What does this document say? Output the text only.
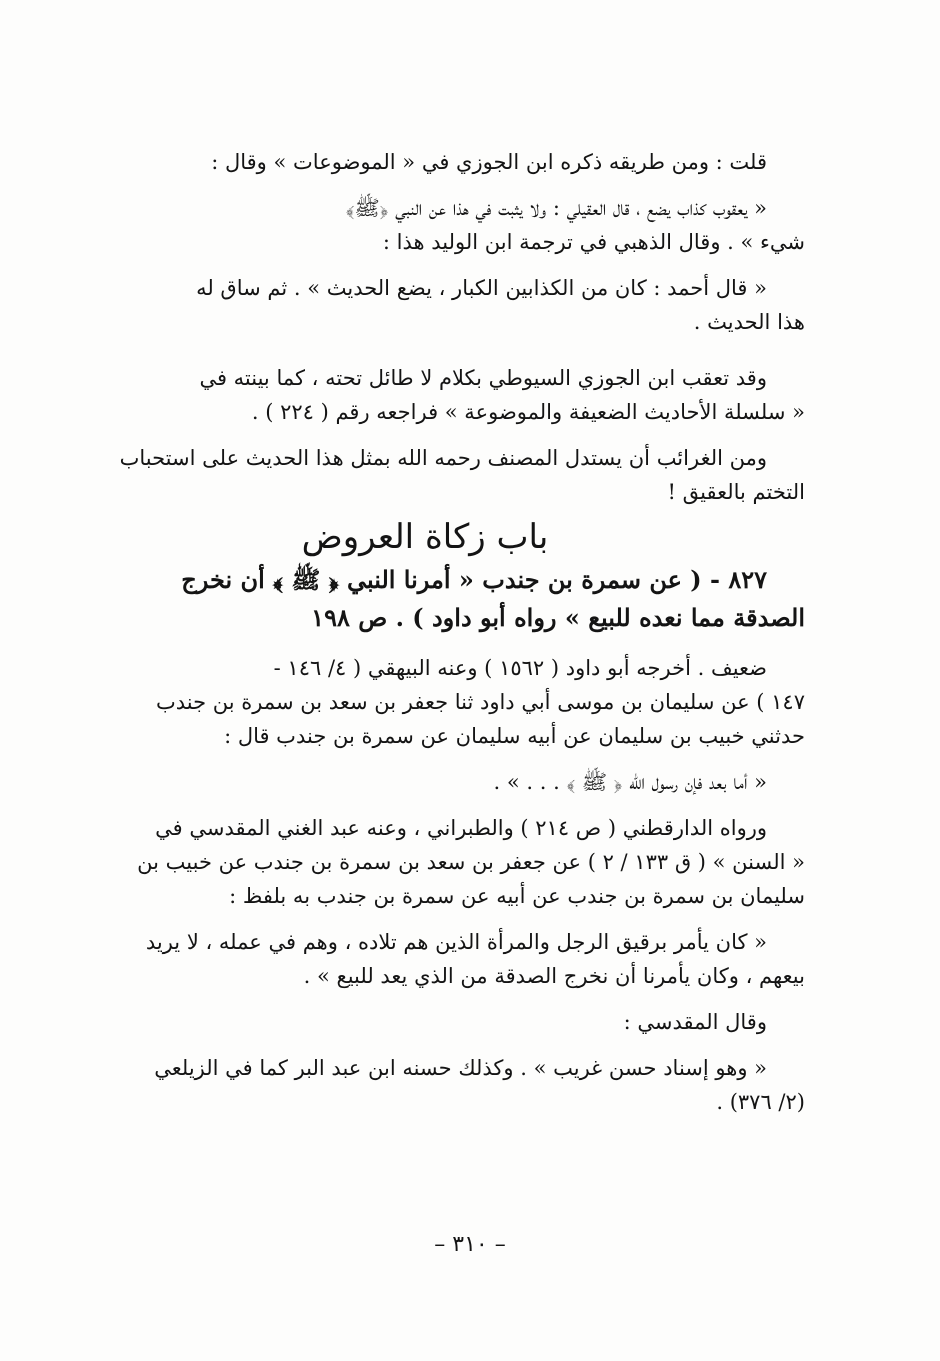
قلت : ومن طريقه ذكره ابن الجوزي في « الموضوعات » وقال :
« يعقوب كذاب يضع ، قال العقيلي : ولا يثبت في هذا عن النبي ﴿ﷺ﴾
شيء » . وقال الذهبي في ترجمة ابن الوليد هذا :
« قال أحمد : كان من الكذابين الكبار ، يضع الحديث » . ثم ساق له
هذا الحديث .
وقد تعقب ابن الجوزي السيوطي بكلام لا طائل تحته ، كما بينته في
« سلسلة الأحاديث الضعيفة والموضوعة » فراجعه رقم ( ٢٢٤ ) .
ومن الغرائب أن يستدل المصنف رحمه الله بمثل هذا الحديث على استحباب
التختم بالعقيق !
باب زكاة العروض
٨٢٧ - ( عن سمرة بن جندب « أمرنا النبي ﴿ ﷺ ﴾ أن نخرج
الصدقة مما نعده للبيع » رواه أبو داود ) . ص ١٩٨
ضعيف . أخرجه أبو داود ( ١٥٦٢ ) وعنه البيهقي ( ٤/ ١٤٦ -
١٤٧ ) عن سليمان بن موسى أبي داود ثنا جعفر بن سعد بن سمرة بن جندب
حدثني خبيب بن سليمان عن أبيه سليمان عن سمرة بن جندب قال :
« أما بعد فإن رسول الله ﴿ ﷺ ﴾ . . . » .
ورواه الدارقطني ( ص ٢١٤ ) والطبراني ، وعنه عبد الغني المقدسي في
« السنن » ( ق ١٣٣ / ٢ ) عن جعفر بن سعد بن سمرة بن جندب عن خبيب بن
سليمان بن سمرة بن جندب عن أبيه عن سمرة بن جندب به بلفظ :
« كان يأمر برقيق الرجل والمرأة الذين هم تلاده ، وهم في عمله ، لا يريد
بيعهم ، وكان يأمرنا أن نخرج الصدقة من الذي يعد للبيع » .
وقال المقدسي :
« وهو إسناد حسن غريب » . وكذلك حسنه ابن عبد البر كما في الزيلعي
(٢/ ٣٧٦) .
– ٣١٠ –
